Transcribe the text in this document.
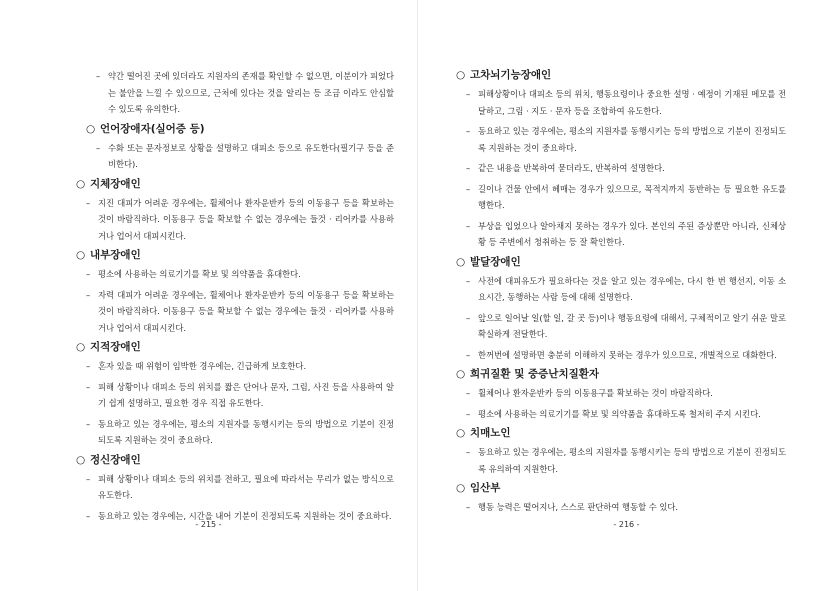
– 약간 떨어진 곳에 있더라도 지원자의 존재를 확인할 수 없으면, 이분이가 피었다는 불안을 느낄 수 있으므로, 근처에 있다는 것을 알리는 등 조금 이라도 안심할 수 있도록 유의한다.
○ 언어장애자(실어증 등)
– 수화 또는 문자정보로 상황을 설명하고 대피소 등으로 유도한다(필기구 등을 준비한다).
○ 지체장애인
– 지진 대피가 어려운 경우에는, 휠체어나 환자운반카 등의 이동용구 등을 확보하는 것이 바람직하다. 이동용구 등을 확보할 수 없는 경우에는 들것 · 리어카를 사용하거나 업어서 대피시킨다.
○ 내부장애인
– 평소에 사용하는 의료기기를 확보 및 의약품을 휴대한다.
– 자력 대피가 어려운 경우에는, 휠체어나 환자운반카 등의 이동용구 등을 확보하는 것이 바람직하다. 이동용구 등을 확보할 수 없는 경우에는 들것 · 리어카를 사용하거나 업어서 대피시킨다.
○ 지적장애인
– 혼자 있을 때 위험이 임박한 경우에는, 긴급하게 보호한다.
– 피해 상황이나 대피소 등의 위치를 짧은 단어나 문자, 그림, 사진 등을 사용하여 알기 쉽게 설명하고, 필요한 경우 직접 유도한다.
– 동요하고 있는 경우에는, 평소의 지원자를 동행시키는 등의 방법으로 기분이 진정되도록 지원하는 것이 중요하다.
○ 정신장애인
– 피해 상황이나 대피소 등의 위치를 전하고, 필요에 따라서는 무리가 없는 방식으로 유도한다.
– 동요하고 있는 경우에는, 시간을 내어 기분이 진정되도록 지원하는 것이 중요하다.
- 215 -
○ 고차뇌기능장애인
– 피해상황이나 대피소 등의 위치, 행동요령이나 중요한 설명 · 예정이 기재된 메모를 전달하고, 그림 · 지도 · 문자 등을 조합하여 유도한다.
– 동요하고 있는 경우에는, 평소의 지원자를 동행시키는 등의 방법으로 기분이 진정되도록 지원하는 것이 중요하다.
– 같은 내용을 반복하여 묻더라도, 반복하여 설명한다.
– 길이나 건물 안에서 헤매는 경우가 있으므로, 목적지까지 동반하는 등 필요한 유도를 행한다.
– 부상을 입었으나 알아채지 못하는 경우가 있다. 본인의 주된 증상뿐만 아니라, 신체상황 등 주변에서 청취하는 등 잘 확인한다.
○ 발달장애인
– 사전에 대피유도가 필요하다는 것을 알고 있는 경우에는, 다시 한 번 행선지, 이동 소요시간, 동행하는 사람 등에 대해 설명한다.
– 앞으로 일어날 일(할 일, 갈 곳 등)이나 행동요령에 대해서, 구체적이고 알기 쉬운 말로 확실하게 전달한다.
– 한꺼번에 설명하면 충분히 이해하지 못하는 경우가 있으므로, 개별적으로 대화한다.
○ 희귀질환 및 중증난치질환자
– 휠체어나 환자운반카 등의 이동용구를 확보하는 것이 바람직하다.
– 평소에 사용하는 의료기기를 확보 및 의약품을 휴대하도록 철저히 주지 시킨다.
○ 치매노인
– 동요하고 있는 경우에는, 평소의 지원자를 동행시키는 등의 방법으로 기분이 진정되도록 유의하여 지원한다.
○ 임산부
– 행동 능력은 떨어지나, 스스로 판단하여 행동할 수 있다.
- 216 -
